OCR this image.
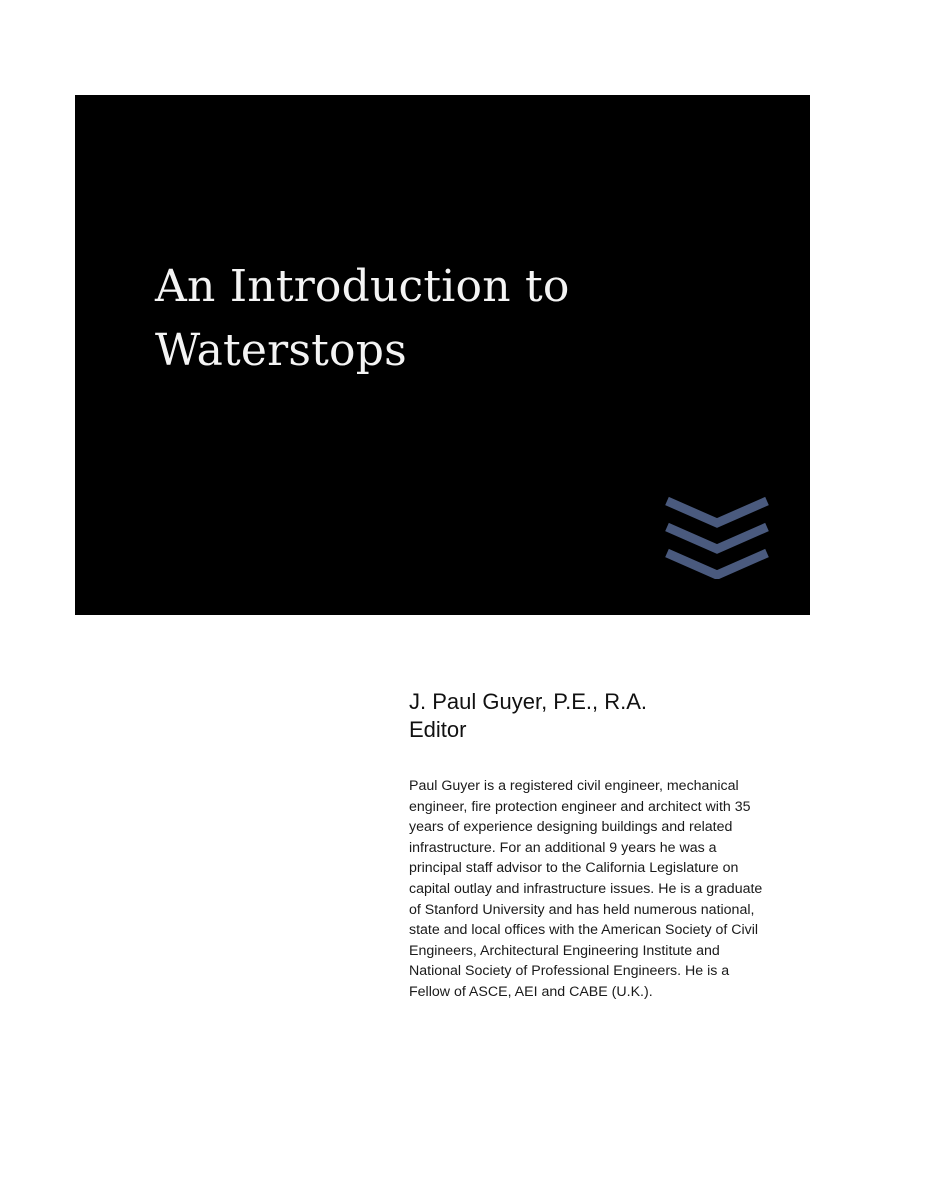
An Introduction to Waterstops

J. Paul Guyer, P.E., R.A.

Editor

Paul Guyer is a registered civil engineer, mechanical engineer, fire protection engineer and architect with 35 years of experience designing buildings and related infrastructure. For an additional 9 years he was a principal staff advisor to the California Legislature on capital outlay and infrastructure issues. He is a graduate of Stanford University and has held numerous national, state and local offices with the American Society of Civil Engineers, Architectural Engineering Institute and National Society of Professional Engineers. He is a Fellow of ASCE, AEI and CABE (U.K.).
